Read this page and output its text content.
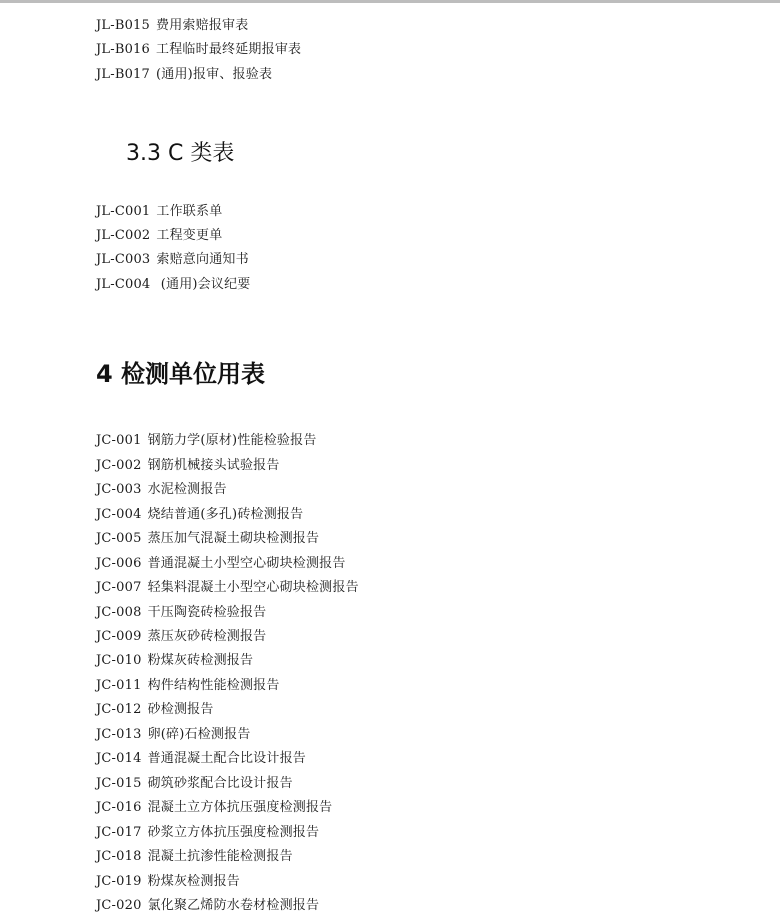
JL-B015 费用索赔报审表
JL-B016 工程临时最终延期报审表
JL-B017 (通用)报审、报验表
3.3 C 类表
JL-C001 工作联系单
JL-C002 工程变更单
JL-C003 索赔意向通知书
JL-C004 (通用)会议纪要
4 检测单位用表
JC-001 钢筋力学(原材)性能检验报告
JC-002 钢筋机械接头试验报告
JC-003 水泥检测报告
JC-004 烧结普通(多孔)砖检测报告
JC-005 蒸压加气混凝土砌块检测报告
JC-006 普通混凝土小型空心砌块检测报告
JC-007 轻集料混凝土小型空心砌块检测报告
JC-008 干压陶瓷砖检验报告
JC-009 蒸压灰砂砖检测报告
JC-010 粉煤灰砖检测报告
JC-011 构件结构性能检测报告
JC-012 砂检测报告
JC-013 卵(碎)石检测报告
JC-014 普通混凝土配合比设计报告
JC-015 砌筑砂浆配合比设计报告
JC-016 混凝土立方体抗压强度检测报告
JC-017 砂浆立方体抗压强度检测报告
JC-018 混凝土抗渗性能检测报告
JC-019 粉煤灰检测报告
JC-020 氯化聚乙烯防水卷材检测报告
